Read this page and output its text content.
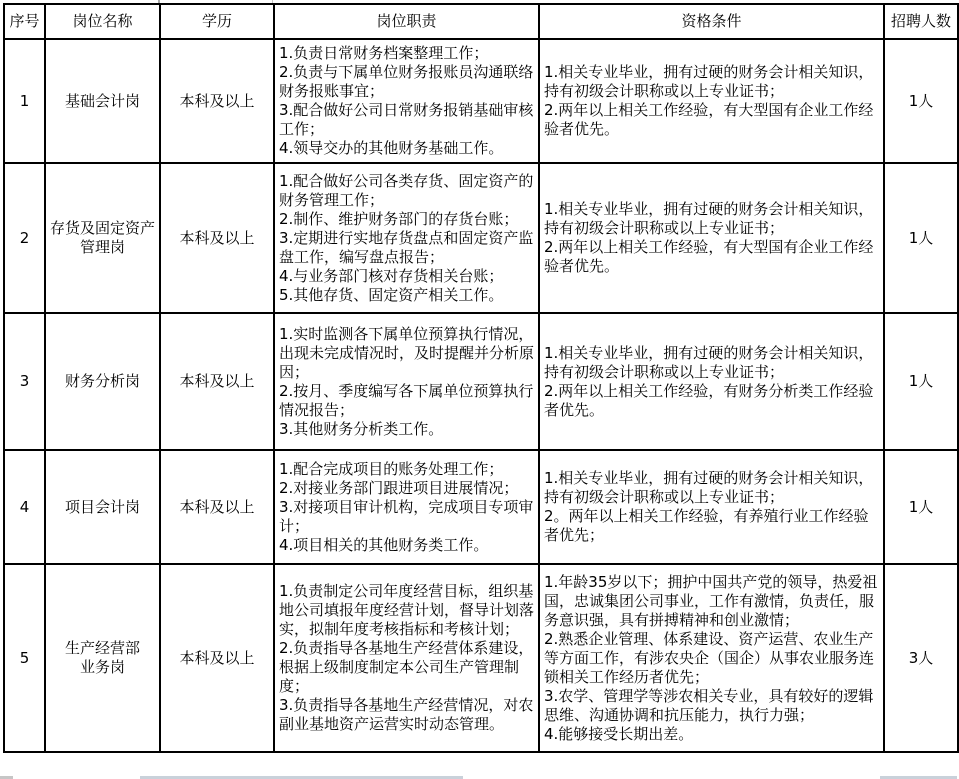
序号	岗位名称	学历	岗位职责	资格条件	招聘人数
1	基础会计岗	本科及以上	1.负责日常财务档案整理工作；
2.负责与下属单位财务报账员沟通联络财务报账事宜；
3.配合做好公司日常财务报销基础审核工作；
4.领导交办的其他财务基础工作。	1.相关专业毕业，拥有过硬的财务会计相关知识，持有初级会计职称或以上专业证书；
2.两年以上相关工作经验，有大型国有企业工作经验者优先。	1人
2	存货及固定资产
管理岗	本科及以上	1.配合做好公司各类存货、固定资产的财务管理工作；
2.制作、维护财务部门的存货台账；
3.定期进行实地存货盘点和固定资产监盘工作，编写盘点报告；
4.与业务部门核对存货相关台账；
5.其他存货、固定资产相关工作。	1.相关专业毕业，拥有过硬的财务会计相关知识，持有初级会计职称或以上专业证书；
2.两年以上相关工作经验，有大型国有企业工作经验者优先。	1人
3	财务分析岗	本科及以上	1.实时监测各下属单位预算执行情况，出现未完成情况时，及时提醒并分析原因；
2.按月、季度编写各下属单位预算执行情况报告；
3.其他财务分析类工作。	1.相关专业毕业，拥有过硬的财务会计相关知识，持有初级会计职称或以上专业证书；
2.两年以上相关工作经验，有财务分析类工作经验者优先。	1人
4	项目会计岗	本科及以上	1.配合完成项目的账务处理工作；
2.对接业务部门跟进项目进展情况；
3.对接项目审计机构，完成项目专项审计；
4.项目相关的其他财务类工作。	1.相关专业毕业，拥有过硬的财务会计相关知识，持有初级会计职称或以上专业证书；
2。两年以上相关工作经验，有养殖行业工作经验者优先；	1人
5	生产经营部
业务岗	本科及以上	1.负责制定公司年度经营目标，组织基地公司填报年度经营计划，督导计划落实，拟制年度考核指标和考核计划；
2.负责指导各基地生产经营体系建设，根据上级制度制定本公司生产管理制度；
3.负责指导各基地生产经营情况，对农副业基地资产运营实时动态管理。	1.年龄35岁以下；拥护中国共产党的领导，热爱祖国，忠诚集团公司事业，工作有激情，负责任，服务意识强，具有拼搏精神和创业激情；
2.熟悉企业管理、体系建设、资产运营、农业生产等方面工作，有涉农央企（国企）从事农业服务连锁相关工作经历者优先；
3.农学、管理学等涉农相关专业，具有较好的逻辑思维、沟通协调和抗压能力，执行力强；
4.能够接受长期出差。	3人
